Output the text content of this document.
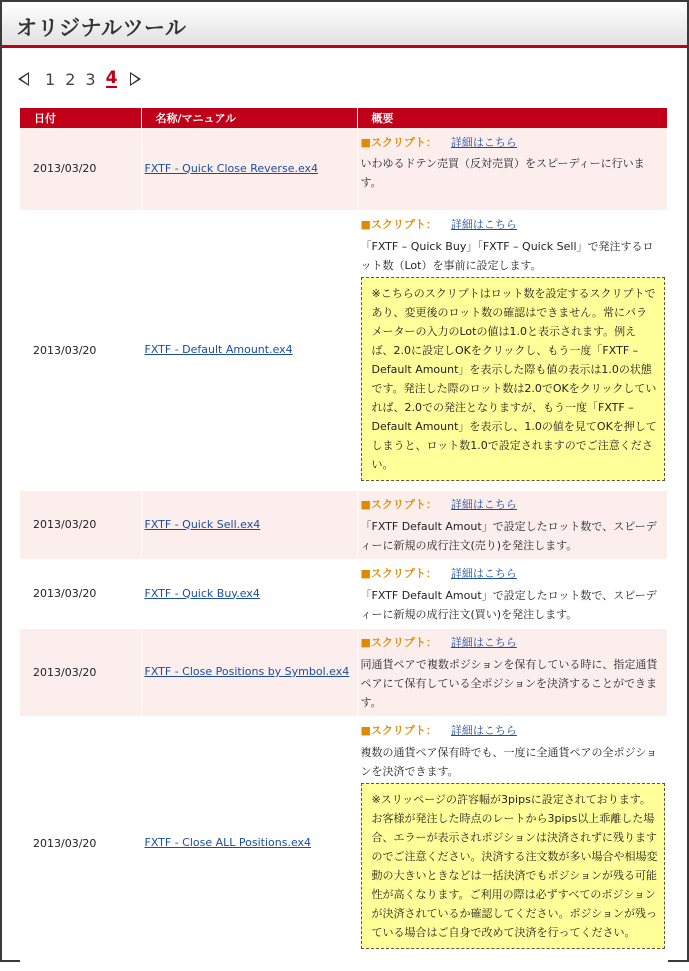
オリジナルツール
1 2 3 4
日付	名称/マニュアル	概要
2013/03/20	FXTF - Quick Close Reverse.ex4	■スクリプト： 詳細はこちら
いわゆるドテン売買（反対売買）をスピーディーに行います。

2013/03/20	FXTF - Default Amount.ex4	■スクリプト： 詳細はこちら
「FXTF – Quick Buy」「FXTF – Quick Sell」で発注するロット数（Lot）を事前に設定します。
※こちらのスクリプトはロット数を設定するスクリプトであり、変更後のロット数の確認はできません。常にパラメーターの入力のLotの値は1.0と表示されます。例えば、2.0に設定しOKをクリックし、もう一度「FXTF – Default Amount」を表示した際も値の表示は1.0の状態です。発注した際のロット数は2.0でOKをクリックしていれば、2.0での発注となりますが、もう一度「FXTF – Default Amount」を表示し、1.0の値を見てOKを押してしまうと、ロット数1.0で設定されますのでご注意ください。

2013/03/20	FXTF - Quick Sell.ex4	■スクリプト： 詳細はこちら
「FXTF Default Amout」で設定したロット数で、スピーディーに新規の成行注文(売り)を発注します。

2013/03/20	FXTF - Quick Buy.ex4	■スクリプト： 詳細はこちら
「FXTF Default Amout」で設定したロット数で、スピーディーに新規の成行注文(買い)を発注します。

2013/03/20	FXTF - Close Positions by Symbol.ex4	■スクリプト： 詳細はこちら
同通貨ペアで複数ポジションを保有している時に、指定通貨ペアにて保有している全ポジションを決済することができます。

2013/03/20	FXTF - Close ALL Positions.ex4	■スクリプト： 詳細はこちら
複数の通貨ペア保有時でも、一度に全通貨ペアの全ポジションを決済できます。
※スリッページの許容幅が3pipsに設定されております。お客様が発注した時点のレートから3pips以上乖離した場合、エラーが表示されポジションは決済されずに残りますのでご注意ください。決済する注文数が多い場合や相場変動の大きいときなどは一括決済でもポジションが残る可能性が高くなります。ご利用の際は必ずすべてのポジションが決済されているか確認してください。ポジションが残っている場合はご自身で改めて決済を行ってください。
